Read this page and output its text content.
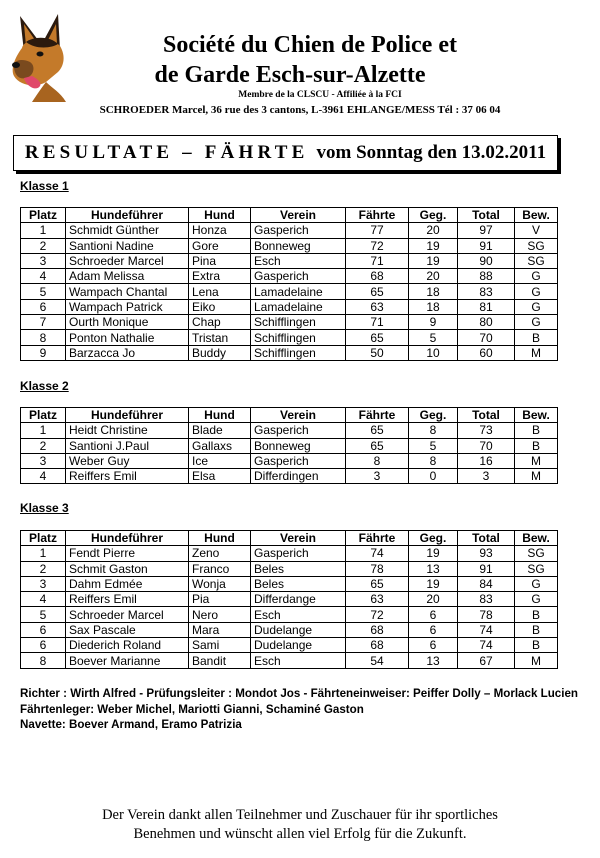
Société du Chien de Police et
de Garde Esch-sur-Alzette
Membre de la CLSCU - Affiliée à la FCI
SCHROEDER Marcel, 36 rue des 3 cantons, L-3961 EHLANGE/MESS Tél : 37 06 04
RESULTATE – FÄHRTE vom Sonntag den 13.02.2011
Klasse 1
Platz	Hundeführer	Hund	Verein	Fährte	Geg.	Total	Bew.
1	Schmidt Günther	Honza	Gasperich	77	20	97	V
2	Santioni Nadine	Gore	Bonneweg	72	19	91	SG
3	Schroeder Marcel	Pina	Esch	71	19	90	SG
4	Adam Melissa	Extra	Gasperich	68	20	88	G
5	Wampach Chantal	Lena	Lamadelaine	65	18	83	G
6	Wampach Patrick	Eiko	Lamadelaine	63	18	81	G
7	Ourth Monique	Chap	Schifflingen	71	9	80	G
8	Ponton Nathalie	Tristan	Schifflingen	65	5	70	B
9	Barzacca Jo	Buddy	Schifflingen	50	10	60	M
Klasse 2
Platz	Hundeführer	Hund	Verein	Fährte	Geg.	Total	Bew.
1	Heidt Christine	Blade	Gasperich	65	8	73	B
2	Santioni J.Paul	Gallaxs	Bonneweg	65	5	70	B
3	Weber Guy	Ice	Gasperich	8	8	16	M
4	Reiffers Emil	Elsa	Differdingen	3	0	3	M
Klasse 3
Platz	Hundeführer	Hund	Verein	Fährte	Geg.	Total	Bew.
1	Fendt Pierre	Zeno	Gasperich	74	19	93	SG
2	Schmit Gaston	Franco	Beles	78	13	91	SG
3	Dahm Edmée	Wonja	Beles	65	19	84	G
4	Reiffers Emil	Pia	Differdange	63	20	83	G
5	Schroeder Marcel	Nero	Esch	72	6	78	B
6	Sax Pascale	Mara	Dudelange	68	6	74	B
6	Diederich Roland	Sami	Dudelange	68	6	74	B
8	Boever Marianne	Bandit	Esch	54	13	67	M
Richter : Wirth Alfred - Prüfungsleiter : Mondot Jos - Fährteneinweiser: Peiffer Dolly – Morlack Lucien
Fährtenleger: Weber Michel, Mariotti Gianni, Schaminé Gaston
Navette: Boever Armand, Eramo Patrizia
Der Verein dankt allen Teilnehmer und Zuschauer für ihr sportliches
Benehmen und wünscht allen viel Erfolg für die Zukunft.
